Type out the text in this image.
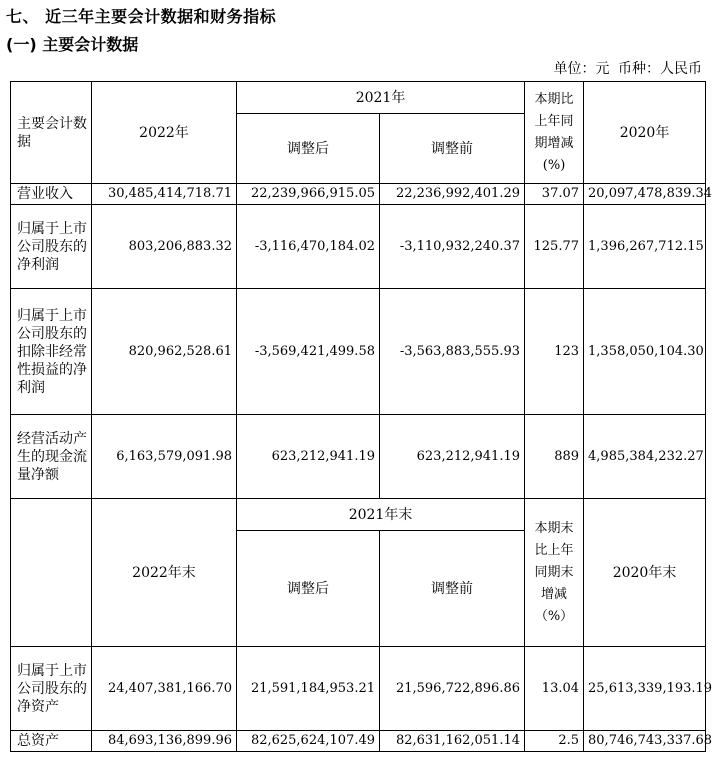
七、 近三年主要会计数据和财务指标
(一) 主要会计数据
单位：元 币种：人民币
主要会计数据	2022年	2021年		本期比上年同期增减(%)	2020年
		调整后	调整前		
营业收入	30,485,414,718.71	22,239,966,915.05	22,236,992,401.29	37.07	20,097,478,839.34
归属于上市公司股东的净利润	803,206,883.32	-3,116,470,184.02	-3,110,932,240.37	125.77	1,396,267,712.15
归属于上市公司股东的扣除非经常性损益的净利润	820,962,528.61	-3,569,421,499.58	-3,563,883,555.93	123	1,358,050,104.30
经营活动产生的现金流量净额	6,163,579,091.98	623,212,941.19	623,212,941.19	889	4,985,384,232.27
	2022年末	2021年末		本期末比上年同期末增减（%）	2020年末
		调整后	调整前		
归属于上市公司股东的净资产	24,407,381,166.70	21,591,184,953.21	21,596,722,896.86	13.04	25,613,339,193.19
总资产	84,693,136,899.96	82,625,624,107.49	82,631,162,051.14	2.5	80,746,743,337.68
